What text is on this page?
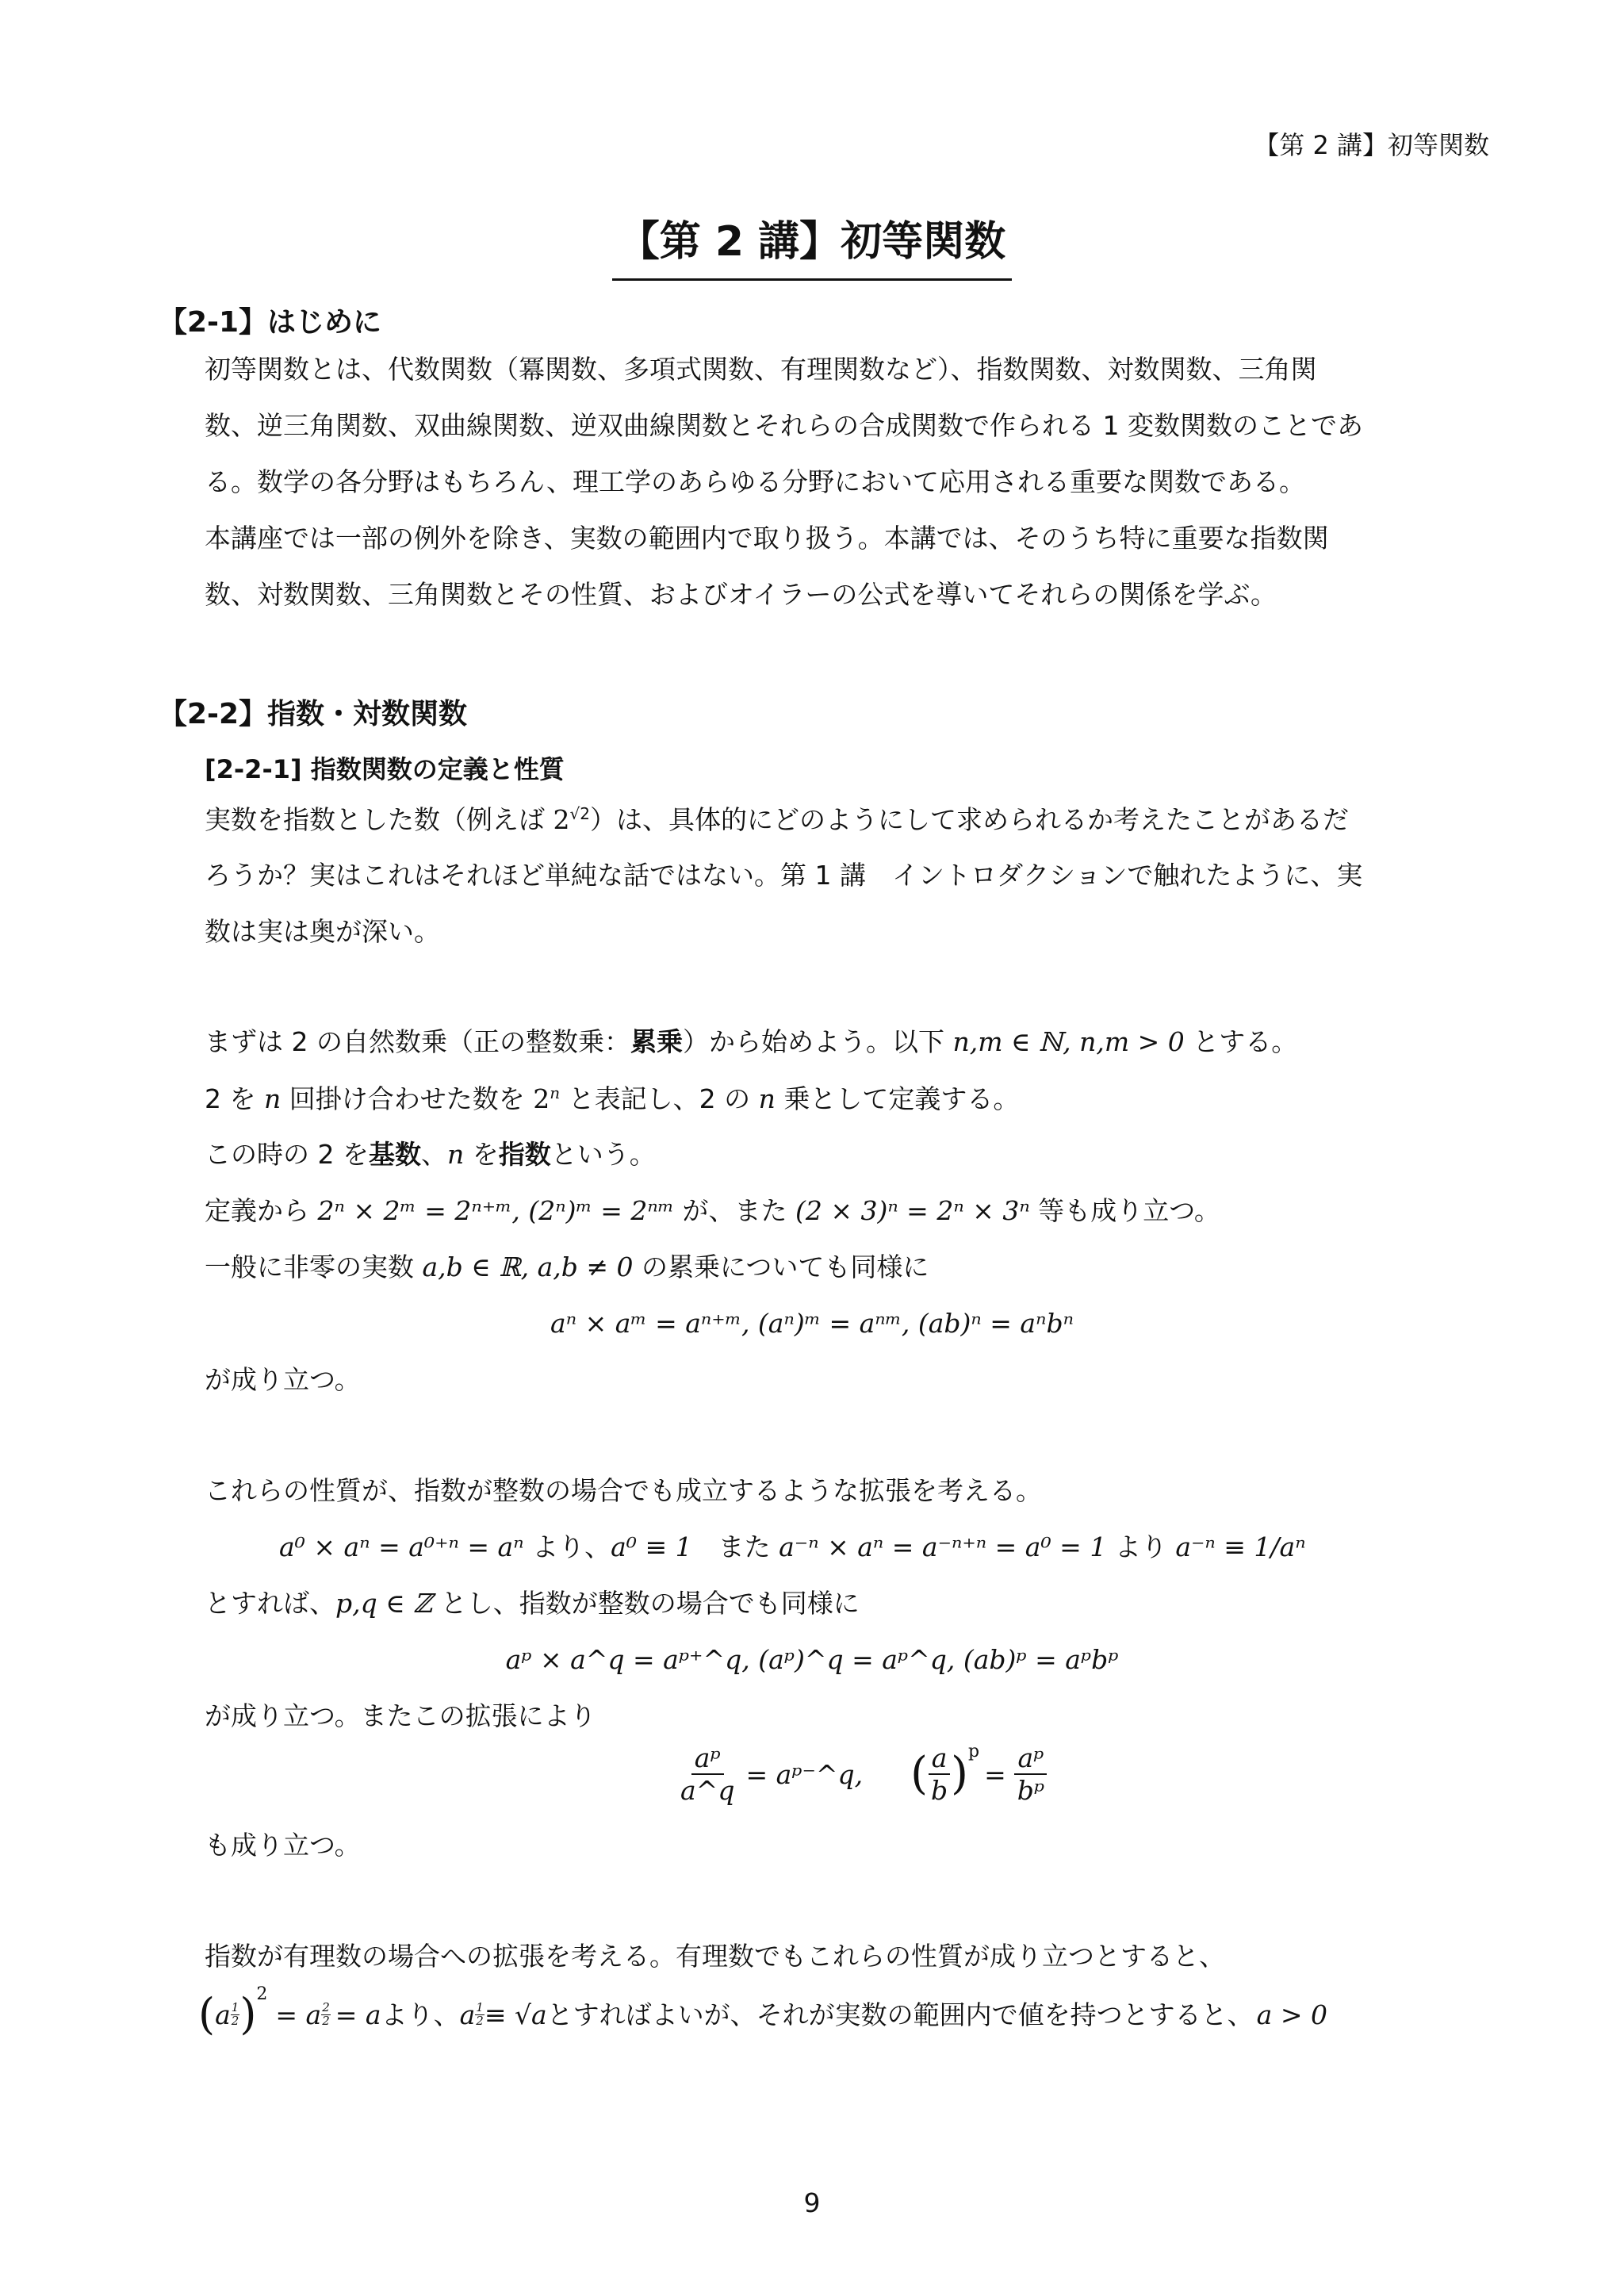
【第 2 講】初等関数
【第 2 講】初等関数
【2-1】はじめに
初等関数とは、代数関数（冪関数、多項式関数、有理関数など）、指数関数、対数関数、三角関
数、逆三角関数、双曲線関数、逆双曲線関数とそれらの合成関数で作られる 1 変数関数のことであ
る。数学の各分野はもちろん、理工学のあらゆる分野において応用される重要な関数である。
本講座では一部の例外を除き、実数の範囲内で取り扱う。本講では、そのうち特に重要な指数関
数、対数関数、三角関数とその性質、およびオイラーの公式を導いてそれらの関係を学ぶ。
【2-2】指数・対数関数
[2-2-1] 指数関数の定義と性質
実数を指数とした数（例えば $2^{√2}$）は、具体的にどのようにして求められるか考えたことがあるだ
ろうか？実はこれはそれほど単純な話ではない。第 1 講　イントロダクションで触れたように、実
数は実は奥が深い。
まずは 2 の自然数乗（正の整数乗：累乗）から始めよう。以下 n,m ∈ ℕ, n,m > 0 とする。
2 を n 回掛け合わせた数を 2$^n$ と表記し、2 の n 乗として定義する。
この時の 2 を基数、n を指数という。
定義から 2ⁿ × 2ᵐ = 2ⁿ⁺ᵐ, (2ⁿ)ᵐ = 2ⁿᵐ が、また (2 × 3)ⁿ = 2ⁿ × 3ⁿ 等も成り立つ。
一般に非零の実数 a,b ∈ ℝ, a,b ≠ 0 の累乗についても同様に
aⁿ × aᵐ = aⁿ⁺ᵐ, (aⁿ)ᵐ = aⁿᵐ, (ab)ⁿ = aⁿbⁿ
が成り立つ。
これらの性質が、指数が整数の場合でも成立するような拡張を考える。
a⁰ × aⁿ = a⁰⁺ⁿ = aⁿ より、a⁰ ≡ 1　また a⁻ⁿ × aⁿ = a⁻ⁿ⁺ⁿ = a⁰ = 1 より a⁻ⁿ ≡ 1/aⁿ
とすれば、p,q ∈ ℤ とし、指数が整数の場合でも同様に
aᵖ × a^q = aᵖ⁺^q, (aᵖ)^q = aᵖ^q, (ab)ᵖ = aᵖbᵖ
が成り立つ。またこの拡張により
$\frac{\text{aᵖ}}{a\^{}q}$ = aᵖ⁻^q, ( $\frac{a}{b} )^p$
= $\frac{\text{aᵖ}}{\text{bᵖ}}$
も成り立つ。
指数が有理数の場合への拡張を考える。有理数でもこれらの性質が成り立つとすると、
( a 1
2 )$^2$
= a $\frac{2}{2} = a$ より、 a 1
2 ≡ √a とすればよいが、それが実数の範囲内で値を持つとすると、 a > 0
9
